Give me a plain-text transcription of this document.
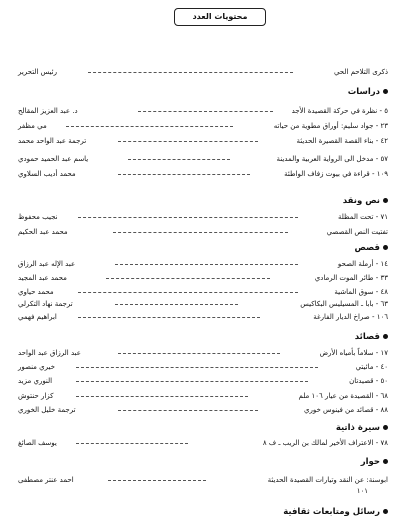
محتويات العدد
ذكرى التلاحم الحي
رئيس التحرير
دراسات
٥ - نظرة في حركة القصيدة الأجد
د. عبد العزيز المقالح
٢٣ - جواد سليم: أوراق مطوية من حياته
مي مظفر
٤٢ - بناء القصة القصيرة الحديثة
ترجمة عبد الواحد محمد
٥٧ - مدخل الى الرواية العربية والمدينة
ياسم عبد الحميد حمودي
١٠٩ - قراءة في بيوت زفاف الواطئة
محمد أديب السلاوي
نص ونقد
٧١ - تحت المظلة
نجيب محفوظ
تفتيت النص القصصي
محمد عبد الحكيم
قصص
١٤ - أرملة الصحو
عبد الإله عبد الرزاق
٣٣ - طائر الموت الرمادي
محمد عبد المجيد
٤٨ - سوق الماشية
محمد حياوي
٦٣ - بابا ـ المسيليس البكاكيس
ترجمة نهاد التكرلي
١٠٦ - صراخ الديار الفارغة
ابراهيم فهمي
قصائد
١٧ - سلاماً بأمياه الأرض
عبد الرزاق عبد الواحد
٤٠ - مائيتي
خيري منصور
٥٠ - قصيدتان
النوري مزيد
٦٨ - القصيدة من عيار ١٠٦ ملم
كزار حنتوش
٨٨ - قصائد من فينوس خوري
ترجمة خليل الخوري
سيرة ذاتية
٧٨ - الاعتراف الأخير لمالك بن الريب ـ ف ٨
يوسف الصائغ
حوار
ابوسنة: عن النقد وتيارات القصيدة الحديثة
احمد عنتر مصطفى
١٠١
رسائل ومتابعات ثقافية
